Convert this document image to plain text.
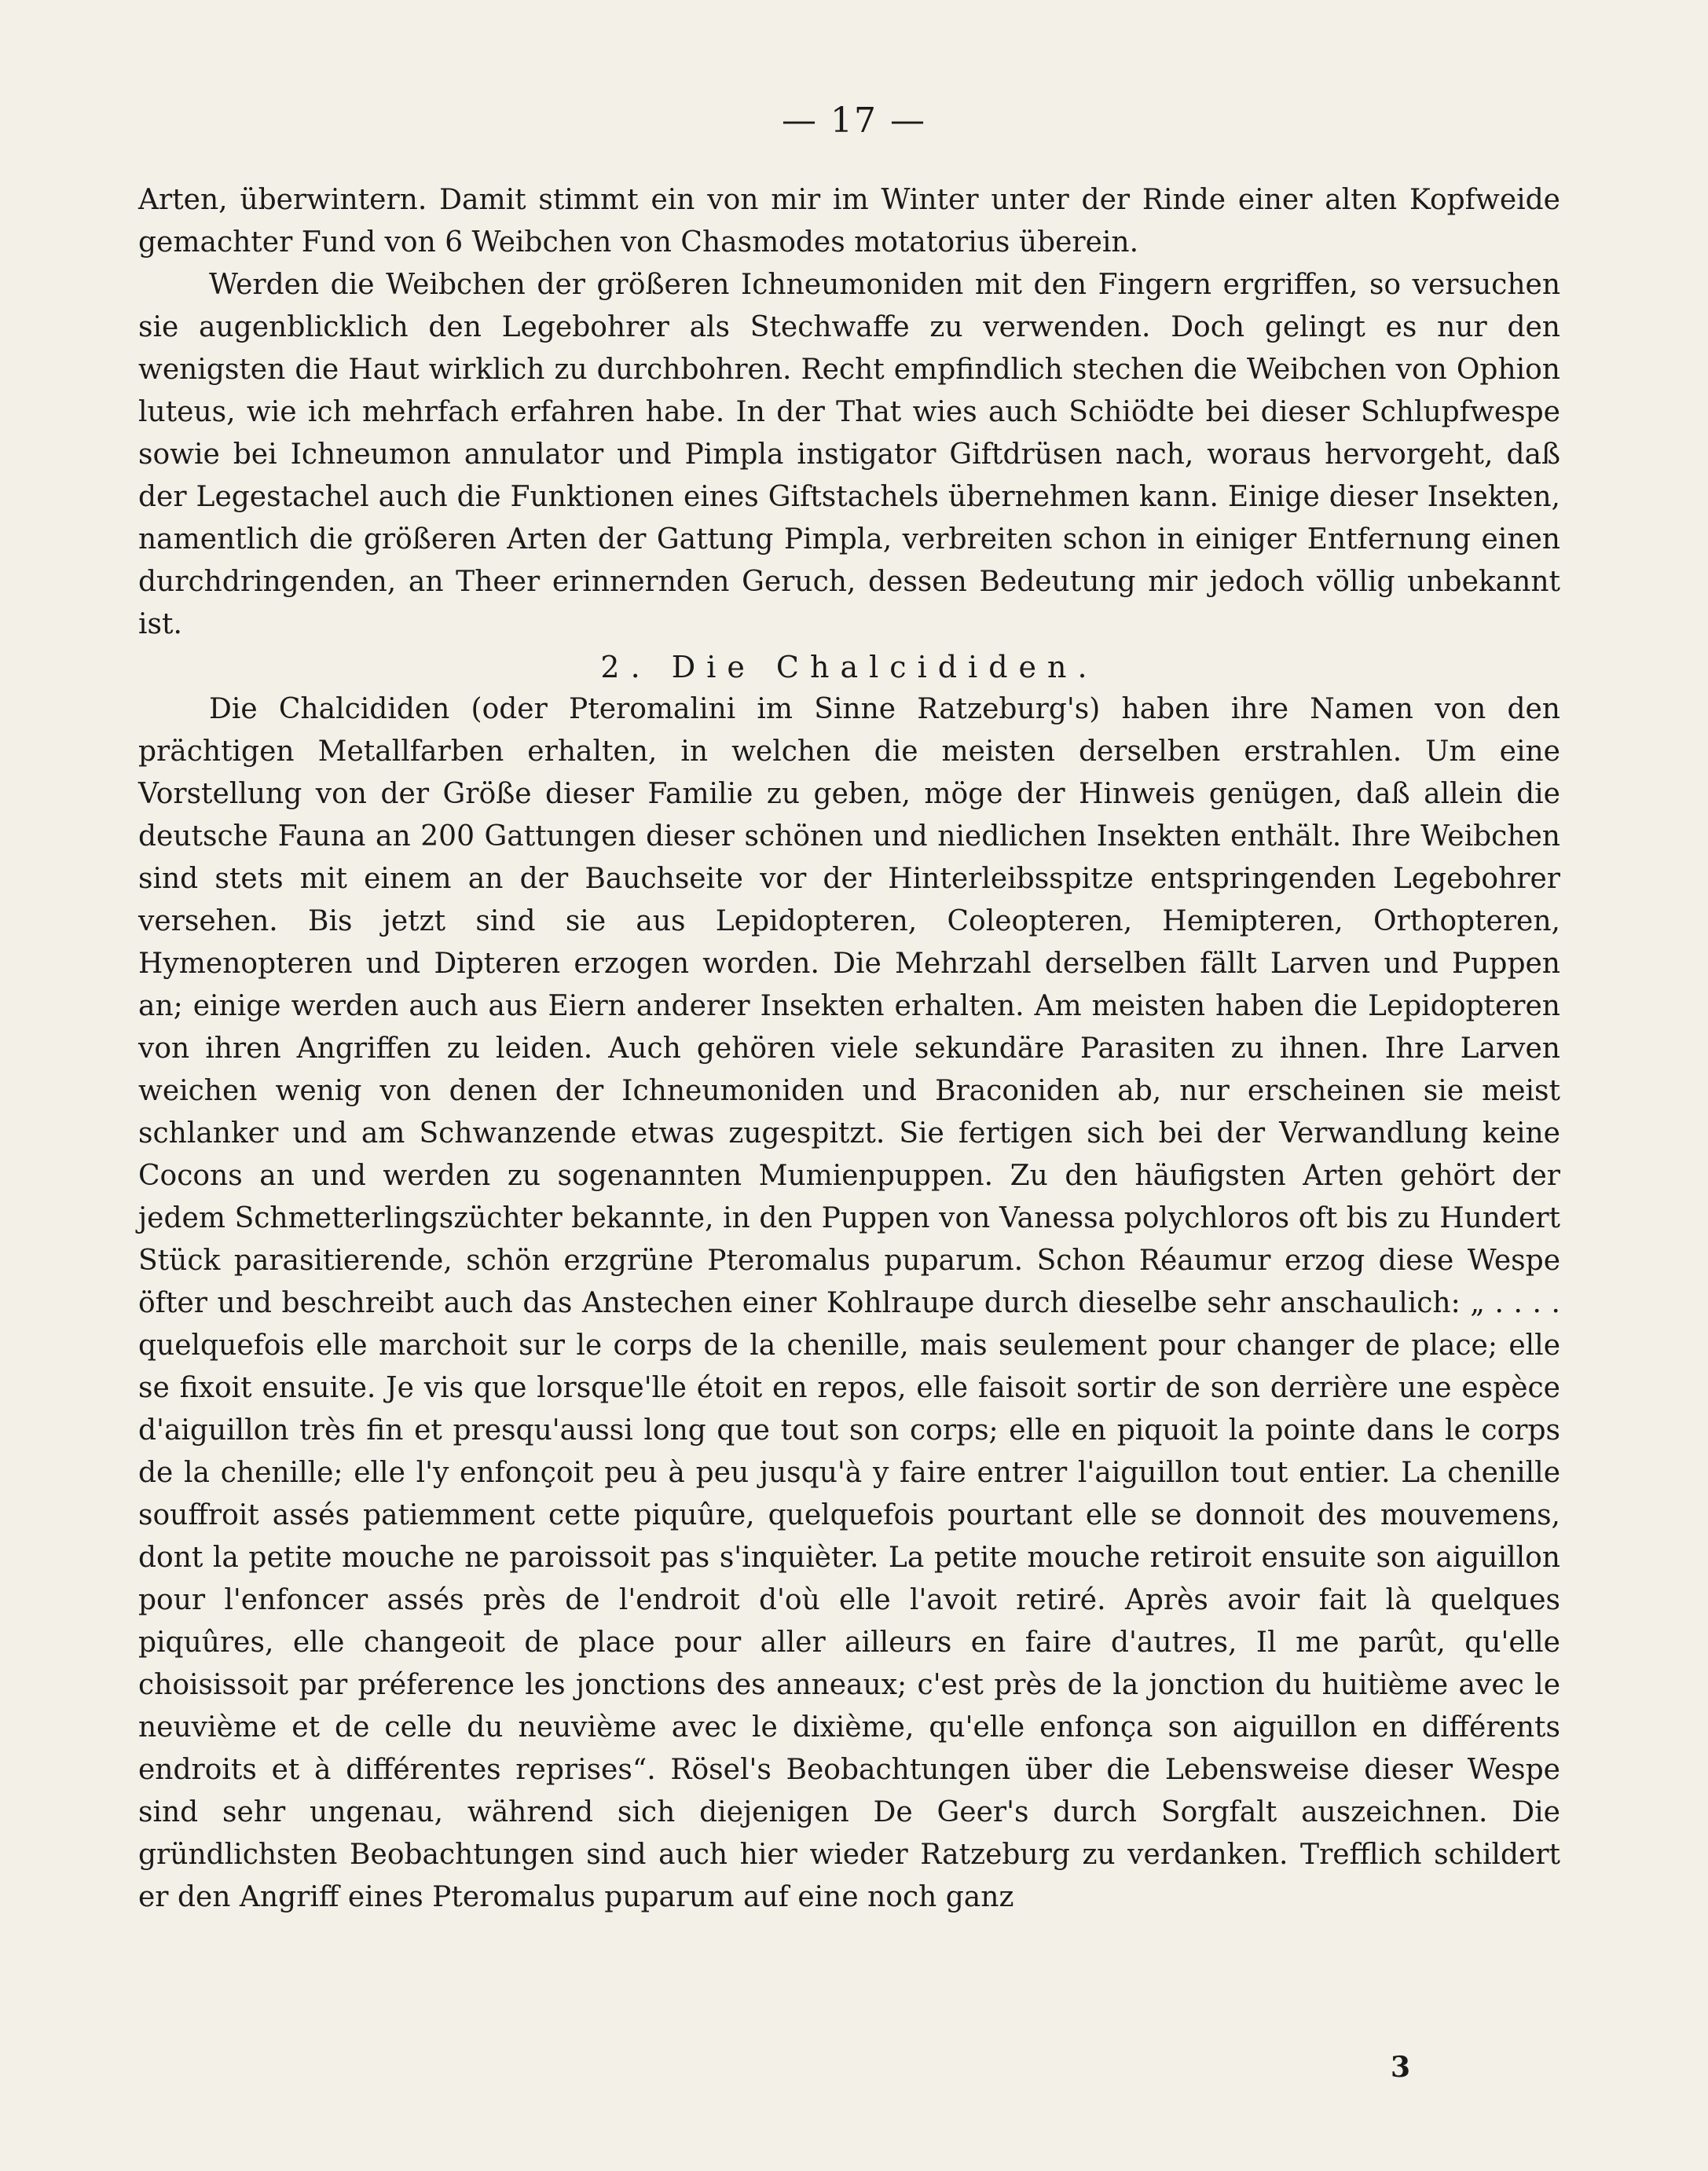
— 17 —

Arten, überwintern. Damit stimmt ein von mir im Winter unter der Rinde einer alten Kopfweide gemachter Fund von 6 Weibchen von Chasmodes motatorius überein.

Werden die Weibchen der größeren Ichneumoniden mit den Fingern ergriffen, so versuchen sie augenblicklich den Legebohrer als Stechwaffe zu verwenden. Doch gelingt es nur den wenigsten die Haut wirklich zu durchbohren. Recht empfindlich stechen die Weibchen von Ophion luteus, wie ich mehrfach erfahren habe. In der That wies auch Schiödte bei dieser Schlupfwespe sowie bei Ichneumon annulator und Pimpla instigator Giftdrüsen nach, woraus hervorgeht, daß der Legestachel auch die Funktionen eines Giftstachels übernehmen kann. Einige dieser Insekten, namentlich die größeren Arten der Gattung Pimpla, verbreiten schon in einiger Entfernung einen durchdringenden, an Theer erinnernden Geruch, dessen Bedeutung mir jedoch völlig unbekannt ist.

2. Die Chalcididen.

Die Chalcididen (oder Pteromalini im Sinne Ratzeburg's) haben ihre Namen von den prächtigen Metallfarben erhalten, in welchen die meisten derselben erstrahlen. Um eine Vorstellung von der Größe dieser Familie zu geben, möge der Hinweis genügen, daß allein die deutsche Fauna an 200 Gattungen dieser schönen und niedlichen Insekten enthält. Ihre Weibchen sind stets mit einem an der Bauchseite vor der Hinterleibsspitze entspringenden Legebohrer versehen. Bis jetzt sind sie aus Lepidopteren, Coleopteren, Hemipteren, Orthopteren, Hymenopteren und Dipteren erzogen worden. Die Mehrzahl derselben fällt Larven und Puppen an; einige werden auch aus Eiern anderer Insekten erhalten. Am meisten haben die Lepidopteren von ihren Angriffen zu leiden. Auch gehören viele sekundäre Parasiten zu ihnen. Ihre Larven weichen wenig von denen der Ichneumoniden und Braconiden ab, nur erscheinen sie meist schlanker und am Schwanzende etwas zugespitzt. Sie fertigen sich bei der Verwandlung keine Cocons an und werden zu sogenannten Mumienpuppen. Zu den häufigsten Arten gehört der jedem Schmetterlingszüchter bekannte, in den Puppen von Vanessa polychloros oft bis zu Hundert Stück parasitierende, schön erzgrüne Pteromalus puparum. Schon Réaumur erzog diese Wespe öfter und beschreibt auch das Anstechen einer Kohlraupe durch dieselbe sehr anschaulich: „ . . . . quelquefois elle marchoit sur le corps de la chenille, mais seulement pour changer de place; elle se fixoit ensuite. Je vis que lorsque'lle étoit en repos, elle faisoit sortir de son derrière une espèce d'aiguillon très fin et presqu'aussi long que tout son corps; elle en piquoit la pointe dans le corps de la chenille; elle l'y enfonçoit peu à peu jusqu'à y faire entrer l'aiguillon tout entier. La chenille souffroit assés patiemment cette piquûre, quelquefois pourtant elle se donnoit des mouvemens, dont la petite mouche ne paroissoit pas s'inquièter. La petite mouche retiroit ensuite son aiguillon pour l'enfoncer assés près de l'endroit d'où elle l'avoit retiré. Après avoir fait là quelques piquûres, elle changeoit de place pour aller ailleurs en faire d'autres, Il me parût, qu'elle choisissoit par préference les jonctions des anneaux; c'est près de la jonction du huitième avec le neuvième et de celle du neuvième avec le dixième, qu'elle enfonça son aiguillon en différents endroits et à différentes reprises“. Rösel's Beobachtungen über die Lebensweise dieser Wespe sind sehr ungenau, während sich diejenigen De Geer's durch Sorgfalt auszeichnen. Die gründlichsten Beobachtungen sind auch hier wieder Ratzeburg zu verdanken. Trefflich schildert er den Angriff eines Pteromalus puparum auf eine noch ganz

3
